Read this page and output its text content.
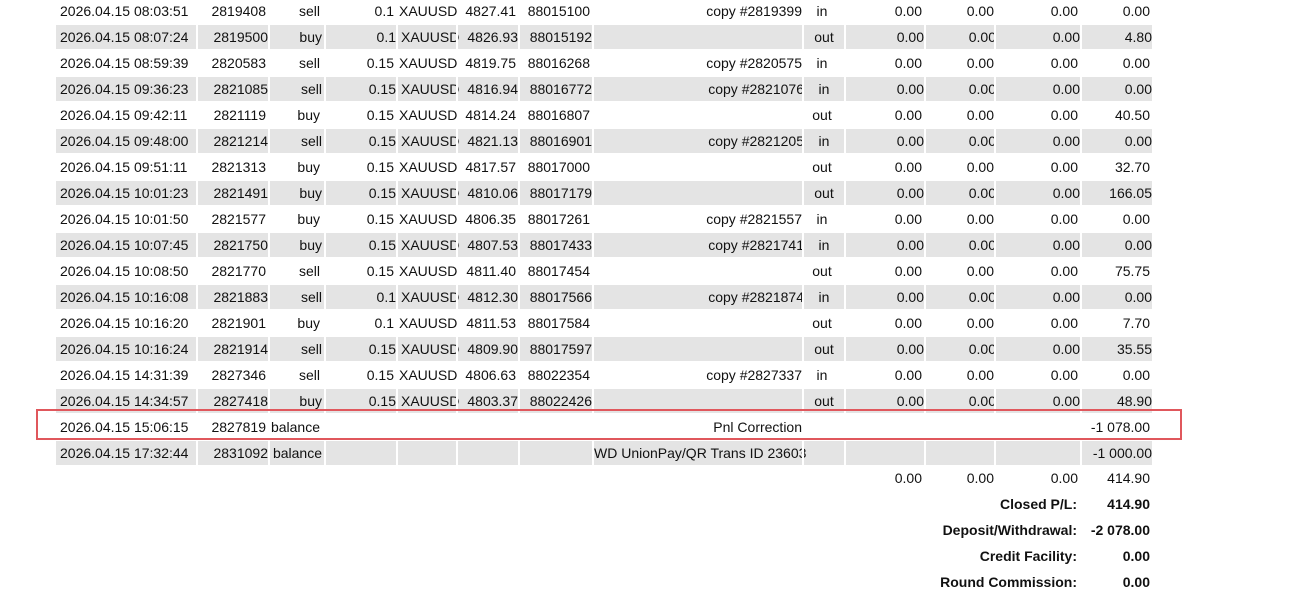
2026.04.15 08:03:51	2819408	sell	0.1 XAUUSD 4827.41 88015100	copy #2819399	in	0.00	0.00	0.00	0.00
2026.04.15 08:07:24	2819500	buy	0.1 XAUUSD 4826.93 88015192	out	0.00	0.00	0.00	4.80
2026.04.15 08:59:39	2820583	sell	0.15 XAUUSD 4819.75 88016268	copy #2820575	in	0.00	0.00	0.00	0.00
2026.04.15 09:36:23	2821085	sell	0.15 XAUUSD 4816.94 88016772	copy #2821076	in	0.00	0.00	0.00	0.00
2026.04.15 09:42:11	2821119	buy	0.15 XAUUSD 4814.24 88016807	out	0.00	0.00	0.00	40.50
2026.04.15 09:48:00	2821214	sell	0.15 XAUUSD 4821.13 88016901	copy #2821205	in	0.00	0.00	0.00	0.00
2026.04.15 09:51:11	2821313	buy	0.15 XAUUSD 4817.57 88017000	out	0.00	0.00	0.00	32.70
2026.04.15 10:01:23	2821491	buy	0.15 XAUUSD 4810.06 88017179	out	0.00	0.00	0.00	166.05
2026.04.15 10:01:50	2821577	buy	0.15 XAUUSD 4806.35 88017261	copy #2821557	in	0.00	0.00	0.00	0.00
2026.04.15 10:07:45	2821750	buy	0.15 XAUUSD 4807.53 88017433	copy #2821741	in	0.00	0.00	0.00	0.00
2026.04.15 10:08:50	2821770	sell	0.15 XAUUSD 4811.40 88017454	out	0.00	0.00	0.00	75.75
2026.04.15 10:16:08	2821883	sell	0.1 XAUUSD 4812.30 88017566	copy #2821874	in	0.00	0.00	0.00	0.00
2026.04.15 10:16:20	2821901	buy	0.1 XAUUSD 4811.53 88017584	out	0.00	0.00	0.00	7.70
2026.04.15 10:16:24	2821914	sell	0.15 XAUUSD 4809.90 88017597	out	0.00	0.00	0.00	35.55
2026.04.15 14:31:39	2827346	sell	0.15 XAUUSD 4806.63 88022354	copy #2827337	in	0.00	0.00	0.00	0.00
2026.04.15 14:34:57	2827418	buy	0.15 XAUUSD 4803.37 88022426	out	0.00	0.00	0.00	48.90
2026.04.15 15:06:15	2827819 balance	Pnl Correction	-1 078.00
2026.04.15 17:32:44	2831092 balance	WD UnionPay/QR Trans ID 23603	-1 000.00
0.00	0.00	0.00	414.90
Closed P/L:	414.90
Deposit/Withdrawal: -2 078.00
Credit Facility:	0.00
Round Commission:	0.00
